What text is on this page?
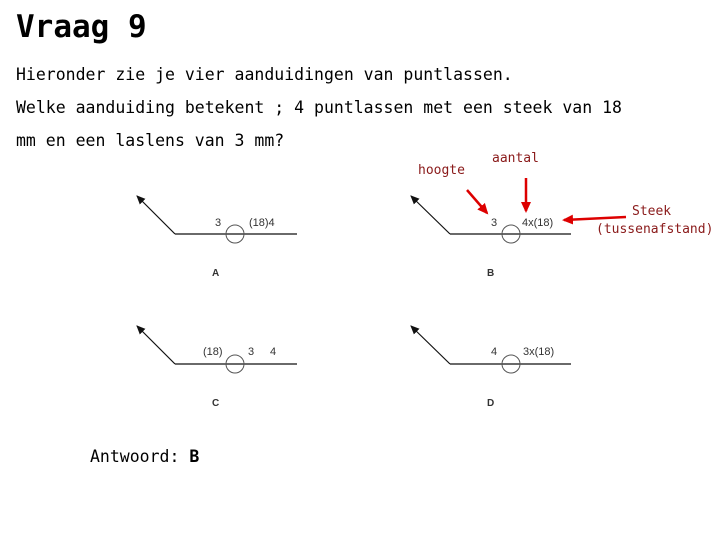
Vraag 9
Hieronder zie je vier aanduidingen van puntlassen.
Welke aanduiding betekent ; 4 puntlassen met een steek van 18
mm en een laslens van 3 mm?
3	(18)4
A
3 4x(18)
B
(18) 3 4
C
4 3x(18)
D
hoogte
aantal
Steek
(tussenafstand)
Antwoord: B
